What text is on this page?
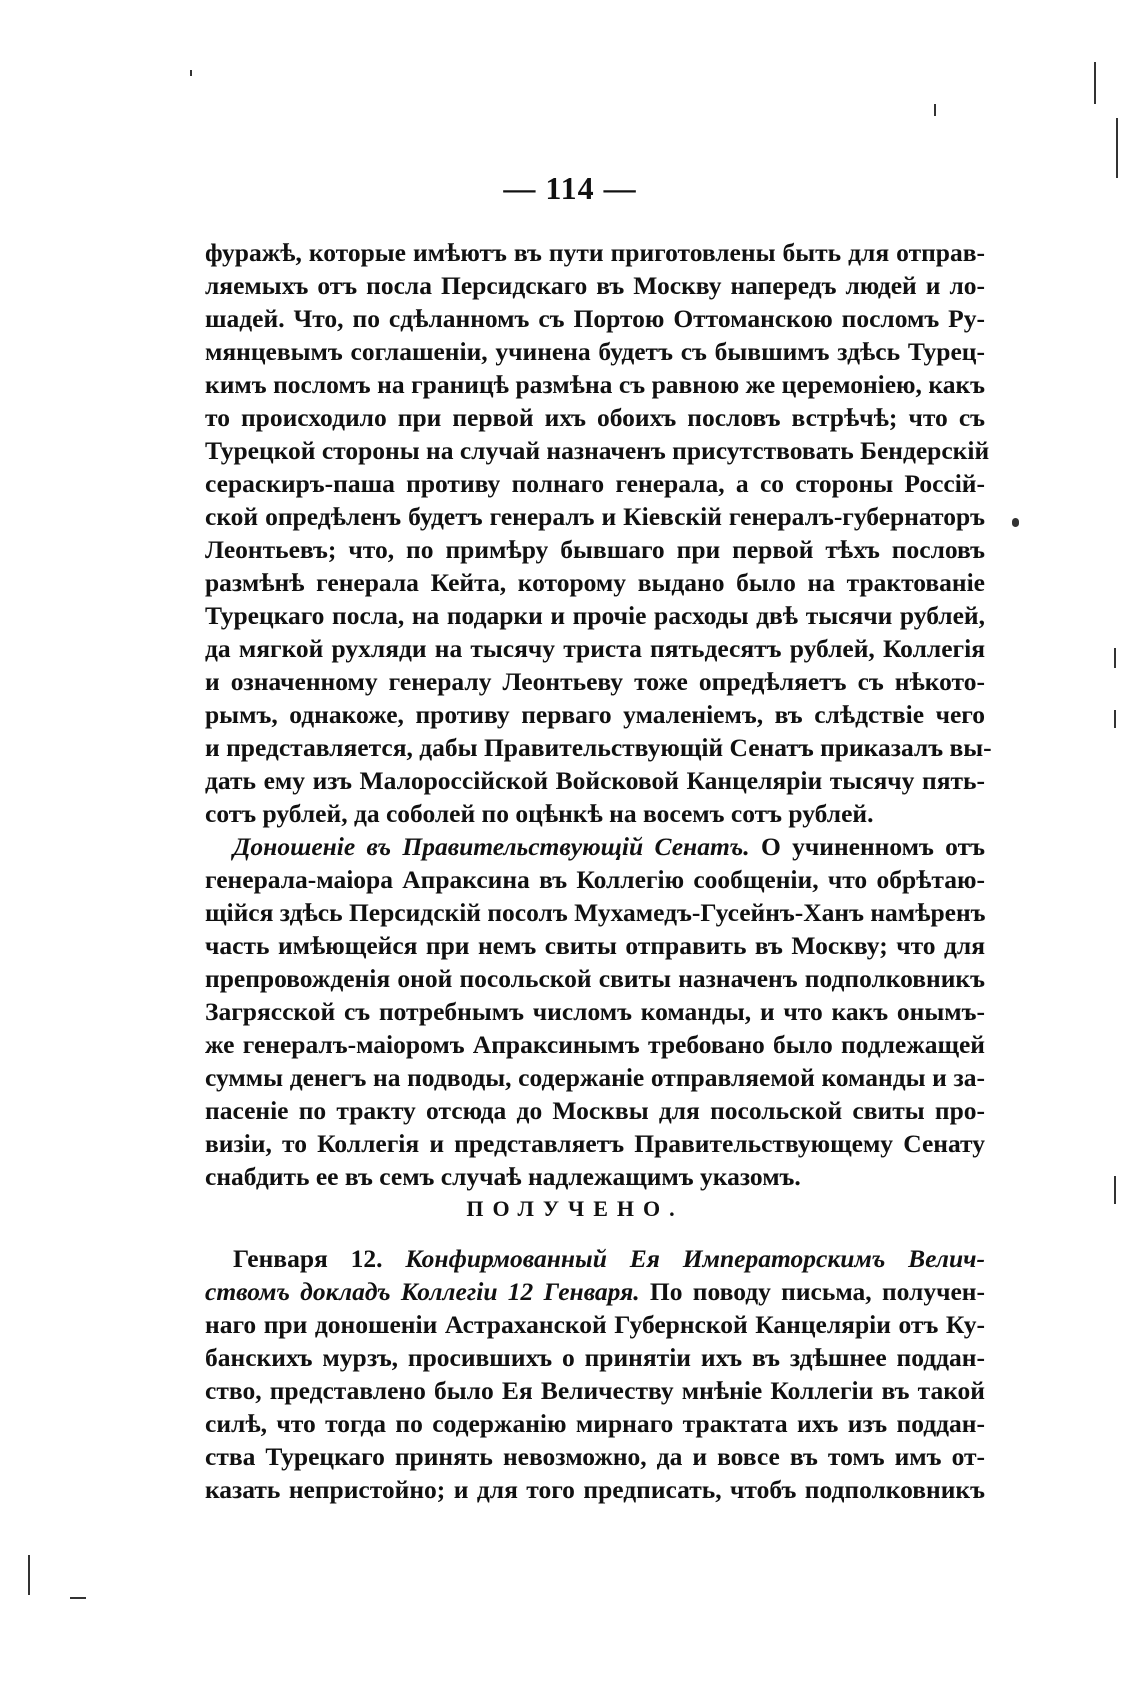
— 114 —
фуражѣ, которые имѣютъ въ пути приготовлены быть для отправ-
ляемыхъ отъ посла Персидскаго въ Москву напередъ людей и ло-
шадей. Что, по сдѣланномъ съ Портою Оттоманскою посломъ Ру-
мянцевымъ соглашеніи, учинена будетъ съ бывшимъ здѣсь Турец-
кимъ посломъ на границѣ размѣна съ равною же церемоніею, какъ
то происходило при первой ихъ обоихъ пословъ встрѣчѣ; что съ
Турецкой стороны на случай назначенъ присутствовать Бендерскій
сераскиръ-паша противу полнаго генерала, а со стороны Россій-
ской опредѣленъ будетъ генералъ и Кіевскій генералъ-губернаторъ
Леонтьевъ; что, по примѣру бывшаго при первой тѣхъ пословъ
размѣнѣ генерала Кейта, которому выдано было на трактованіе
Турецкаго посла, на подарки и прочіе расходы двѣ тысячи рублей,
да мягкой рухляди на тысячу триста пятьдесятъ рублей, Коллегія
и означенному генералу Леонтьеву тоже опредѣляетъ съ нѣкото-
рымъ, однакоже, противу перваго умаленіемъ, въ слѣдствіе чего
и представляется, дабы Правительствующій Сенатъ приказалъ вы-
дать ему изъ Малороссійской Войсковой Канцеляріи тысячу пять-
сотъ рублей, да соболей по оцѣнкѣ на восемъ сотъ рублей.
Доношеніе въ Правительствующій Сенатъ. О учиненномъ отъ
генерала-маіора Апраксина въ Коллегію сообщеніи, что обрѣтаю-
щійся здѣсь Персидскій посолъ Мухамедъ-Гусейнъ-Ханъ намѣренъ
часть имѣющейся при немъ свиты отправить въ Москву; что для
препровожденія оной посольской свиты назначенъ подполковникъ
Загрясской съ потребнымъ числомъ команды, и что какъ онымъ-
же генералъ-маіоромъ Апраксинымъ требовано было подлежащей
суммы денегъ на подводы, содержаніе отправляемой команды и за-
пасеніе по тракту отсюда до Москвы для посольской свиты про-
визіи, то Коллегія и представляетъ Правительствующему Сенату
снабдить ее въ семъ случаѣ надлежащимъ указомъ.
ПОЛУЧЕНО.
Генваря 12. Конфирмованный Ея Императорскимъ Велич-
ствомъ докладъ Коллегіи 12 Генваря. По поводу письма, получен-
наго при доношеніи Астраханской Губернской Канцеляріи отъ Ку-
банскихъ мурзъ, просившихъ о принятіи ихъ въ здѣшнее поддан-
ство, представлено было Ея Величеству мнѣніе Коллегіи въ такой
силѣ, что тогда по содержанію мирнаго трактата ихъ изъ поддан-
ства Турецкаго принять невозможно, да и вовсе въ томъ имъ от-
казать непристойно; и для того предписать, чтобъ подполковникъ
